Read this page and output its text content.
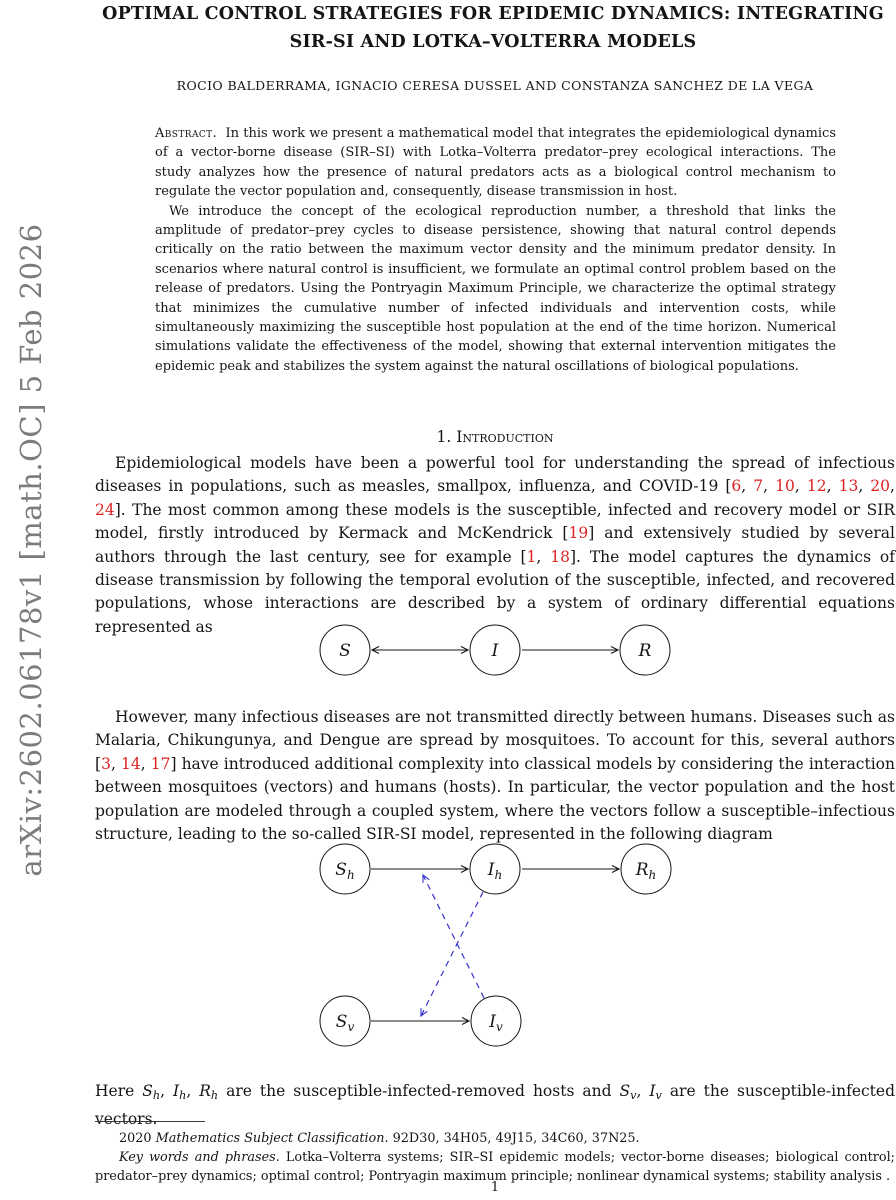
arXiv:2602.06178v1 [math.OC] 5 Feb 2026
OPTIMAL CONTROL STRATEGIES FOR EPIDEMIC DYNAMICS: INTEGRATING
SIR-SI AND LOTKA–VOLTERRA MODELS
ROCIO BALDERRAMA, IGNACIO CERESA DUSSEL AND CONSTANZA SANCHEZ DE LA VEGA

Abstract. In this work we present a mathematical model that integrates the epidemiological dynamics of a vector-borne disease (SIR–SI) with Lotka–Volterra predator–prey ecological interactions. The study analyzes how the presence of natural predators acts as a biological control mechanism to regulate the vector population and, consequently, disease transmission in host.

We introduce the concept of the ecological reproduction number, a threshold that links the amplitude of predator–prey cycles to disease persistence, showing that natural control depends critically on the ratio between the maximum vector density and the minimum predator density. In scenarios where natural control is insufficient, we formulate an optimal control problem based on the release of predators. Using the Pontryagin Maximum Principle, we characterize the optimal strategy that minimizes the cumulative number of infected individuals and intervention costs, while simultaneously maximizing the susceptible host population at the end of the time horizon. Numerical simulations validate the effectiveness of the model, showing that external intervention mitigates the epidemic peak and stabilizes the system against the natural oscillations of biological populations.

1. Introduction

Epidemiological models have been a powerful tool for understanding the spread of infectious diseases in populations, such as measles, smallpox, influenza, and COVID-19 [6, 7, 10, 12, 13, 20, 24]. The most common among these models is the susceptible, infected and recovery model or SIR model, firstly introduced by Kermack and McKendrick [19] and extensively studied by several authors through the last century, see for example [1, 18]. The model captures the dynamics of disease transmission by following the temporal evolution of the susceptible, infected, and recovered populations, whose interactions are described by a system of ordinary differential equations represented as

S	I	R

However, many infectious diseases are not transmitted directly between humans. Diseases such as Malaria, Chikungunya, and Dengue are spread by mosquitoes. To account for this, several authors [3, 14, 17] have introduced additional complexity into classical models by considering the interaction between mosquitoes (vectors) and humans (hosts). In particular, the vector population and the host population are modeled through a coupled system, where the vectors follow a susceptible–infectious structure, leading to the so-called SIR-SI model, represented in the following diagram

$S_h$	$I_h$	$R_h$
$S_v$	$I_v$

Here $S_h$, $I_h$, $R_h$ are the susceptible-infected-removed hosts and $S_v$, $I_v$ are the susceptible-infected vectors.

2020 Mathematics Subject Classification. 92D30, 34H05, 49J15, 34C60, 37N25.

Key words and phrases. Lotka–Volterra systems; SIR–SI epidemic models; vector-borne diseases; biological control; predator–prey dynamics; optimal control; Pontryagin maximum principle; nonlinear dynamical systems; stability analysis .

1
